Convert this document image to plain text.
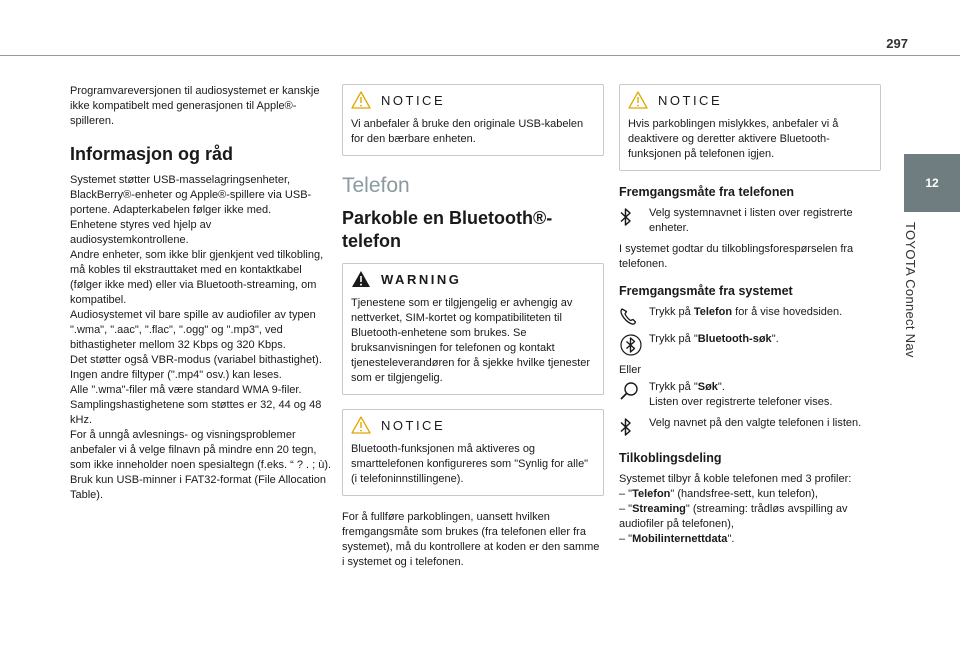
297
12
TOYOTA Connect Nav

Programvareversjonen til audiosystemet er kanskje ikke kompatibelt med generasjonen til Apple®-spilleren.

Informasjon og råd

Systemet støtter USB-masselagringsenheter, BlackBerry®-enheter og Apple®-spillere via USB-portene. Adapterkabelen følger ikke med.
Enhetene styres ved hjelp av audiosystemkontrollene.
Andre enheter, som ikke blir gjenkjent ved tilkobling, må kobles til ekstrauttaket med en kontaktkabel (følger ikke med) eller via Bluetooth-streaming, om kompatibel.
Audiosystemet vil bare spille av audiofiler av typen ".wma", ".aac", ".flac", ".ogg" og ".mp3", ved bithastigheter mellom 32 Kbps og 320 Kbps.
Det støtter også VBR-modus (variabel bithastighet).
Ingen andre filtyper (".mp4" osv.) kan leses.
Alle ".wma"-filer må være standard WMA 9-filer.
Samplingshastighetene som støttes er 32, 44 og 48 kHz.
For å unngå avlesnings- og visningsproblemer anbefaler vi å velge filnavn på mindre enn 20 tegn, som ikke inneholder noen spesialtegn (f.eks. “ ? . ; ù).
Bruk kun USB-minner i FAT32-format (File Allocation Table).

NOTICE

Vi anbefaler å bruke den originale USB-kabelen for den bærbare enheten.

Telefon
Parkoble en Bluetooth®-telefon
WARNING

Tjenestene som er tilgjengelig er avhengig av nettverket, SIM-kortet og kompatibiliteten til Bluetooth-enhetene som brukes. Se bruksanvisningen for telefonen og kontakt tjenesteleverandøren for å sjekke hvilke tjenester som er tilgjengelig.

NOTICE

Bluetooth-funksjonen må aktiveres og smarttelefonen konfigureres som "Synlig for alle" (i telefoninnstillingene).

For å fullføre parkoblingen, uansett hvilken fremgangsmåte som brukes (fra telefonen eller fra systemet), må du kontrollere at koden er den samme i systemet og i telefonen.

NOTICE

Hvis parkoblingen mislykkes, anbefaler vi å deaktivere og deretter aktivere Bluetooth-funksjonen på telefonen igjen.

Fremgangsmåte fra telefonen
Velg systemnavnet i listen over registrerte enheter.

I systemet godtar du tilkoblingsforespørselen fra telefonen.

Fremgangsmåte fra systemet
Trykk på Telefon for å vise hovedsiden.
Trykk på "Bluetooth-søk".

Eller

Trykk på "Søk".
Listen over registrerte telefoner vises.
Velg navnet på den valgte telefonen i listen.
Tilkoblingsdeling

Systemet tilbyr å koble telefonen med 3 profiler:

– "Telefon" (handsfree-sett, kun telefon),

– "Streaming" (streaming: trådløs avspilling av audiofiler på telefonen),

– "Mobilinternettdata".
